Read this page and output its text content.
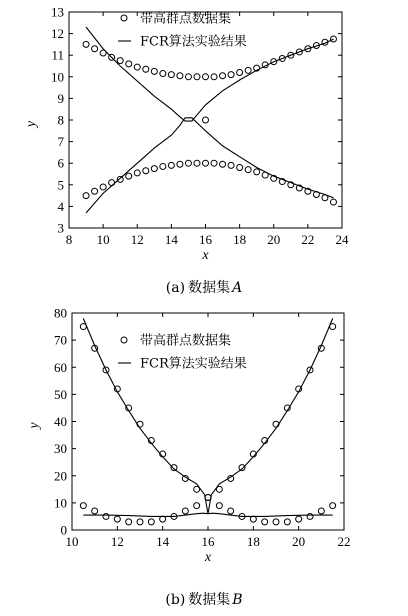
8 10 12 14 16 18 20 22 24
3
4
5
6
7
8
9
10
11
12
13
x
y
带高群点数据集
FCR算法实验结果
(a) 数据集 A
10 12 14 16 18 20 22
0
10
20
30
40
50
60
70
80
x
y
带高群点数据集
FCR算法实验结果
(b) 数据集 B
